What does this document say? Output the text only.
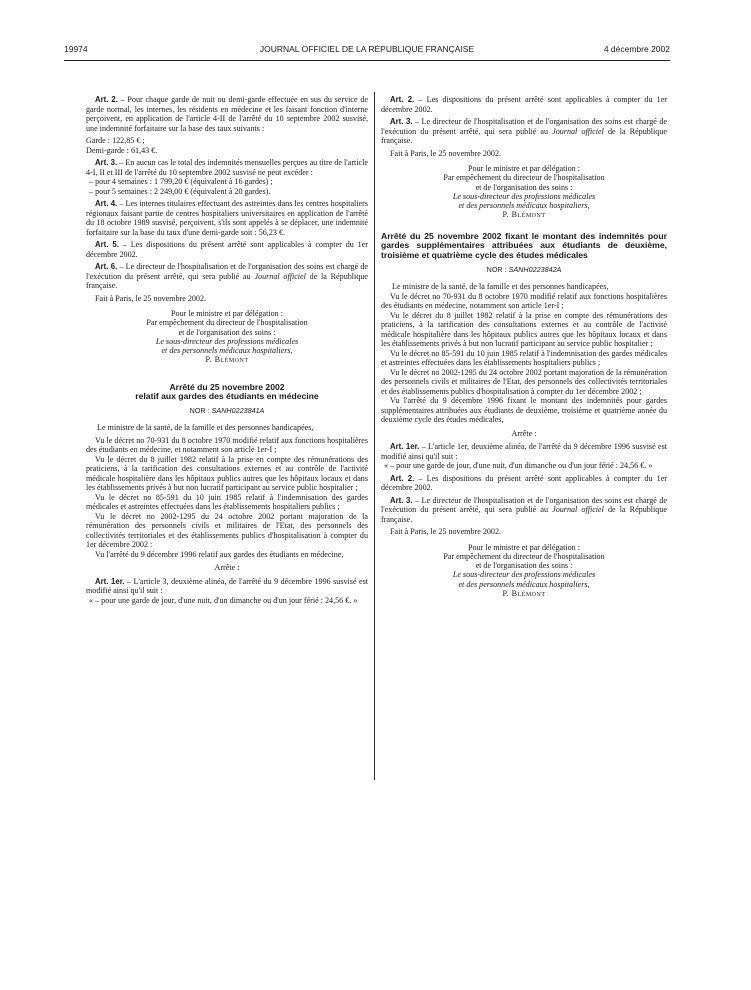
19974	JOURNAL OFFICIEL DE LA RÉPUBLIQUE FRANÇAISE	4 décembre 2002

Art. 2. – Pour chaque garde de nuit ou demi-garde effectuée en sus du service de garde normal, les internes, les résidents en médecine et les faisant fonction d'interne perçoivent, en application de l'article 4-II de l'arrêté du 10 septembre 2002 susvisé, une indemnité forfaitaire sur la base des taux suivants :

Garde : 122,85 € ;

Demi-garde : 61,43 €.

Art. 3. – En aucun cas le total des indemnités mensuelles perçues au titre de l'article 4-I, II et III de l'arrêté du 10 septembre 2002 susvisé ne peut excéder :

– pour 4 semaines : 1 799,20 € (équivalent à 16 gardes) ;
– pour 5 semaines : 2 249,00 € (équivalent à 20 gardes).

Art. 4. – Les internes titulaires effectuant des astreintes dans les centres hospitaliers régionaux faisant partie de centres hospitaliers universitaires en application de l'arrêté du 18 octobre 1989 susvisé, perçoivent, s'ils sont appelés à se déplacer, une indemnité forfaitaire sur la base du taux d'une demi-garde soit : 56,23 €.

Art. 5. – Les dispositions du présent arrêté sont applicables à compter du 1er décembre 2002.

Art. 6. – Le directeur de l'hospitalisation et de l'organisation des soins est chargé de l'exécution du présent arrêté, qui sera publié au Journal officiel de la République française.

Fait à Paris, le 25 novembre 2002.

Pour le ministre et par délégation :

Par empêchement du directeur de l'hospitalisation

et de l'organisation des soins :

Le sous-directeur des professions médicales

et des personnels médicaux hospitaliers,

P. Blémont

Arrêté du 25 novembre 2002
relatif aux gardes des étudiants en médecine

NOR : SANH0223841A

Le ministre de la santé, de la famille et des personnes handicapées,

Vu le décret no 70-931 du 8 octobre 1970 modifié relatif aux fonctions hospitalières des étudiants en médecine, et notamment son article 1er-I ;

Vu le décret du 8 juillet 1982 relatif à la prise en compte des rémunérations des praticiens, à la tarification des consultations externes et au contrôle de l'activité médicale hospitalière dans les hôpitaux publics autres que les hôpitaux locaux et dans les établissements privés à but non lucratif participant au service public hospitalier ;

Vu le décret no 85-591 du 10 juin 1985 relatif à l'indemnisation des gardes médicales et astreintes effectuées dans les établissements hospitaliers publics ;

Vu le décret no 2002-1295 du 24 octobre 2002 portant majoration de la rémunération des personnels civils et militaires de l'Etat, des personnels des collectivités territoriales et des établissements publics d'hospitalisation à compter du 1er décembre 2002 :

Vu l'arrêté du 9 décembre 1996 relatif aux gardes des étudiants en médecine,

Arrête :

Art. 1er. – L'article 3, deuxième alinéa, de l'arrêté du 9 décembre 1996 susvisé est modifié ainsi qu'il suit :

« – pour une garde de jour, d'une nuit, d'un dimanche ou d'un jour férié : 24,56 €. »

Art. 2. – Les dispositions du présent arrêté sont applicables à compter du 1er décembre 2002.

Art. 3. – Le directeur de l'hospitalisation et de l'organisation des soins est chargé de l'exécution du présent arrêté, qui sera publié au Journal officiel de la République française.

Fait à Paris, le 25 novembre 2002.

Pour le ministre et par délégation :

Par empêchement du directeur de l'hospitalisation

et de l'organisation des soins :

Le sous-directeur des professions médicales

et des personnels médicaux hospitaliers,

P. Blémont

Arrêté du 25 novembre 2002 fixant le montant des indemnités pour gardes supplémentaires attribuées aux étudiants de deuxième, troisième et quatrième cycle des études médicales

NOR : SANH0223842A

Le ministre de la santé, de la famille et des personnes handicapées,

Vu le décret no 70-931 du 8 octobre 1970 modifié relatif aux fonctions hospitalières des étudiants en médecine, notamment son article 1er-I ;

Vu le décret du 8 juillet 1982 relatif à la prise en compte des rémunérations des praticiens, à la tarification des consultations externes et au contrôle de l'activité médicale hospitalière dans les hôpitaux publics autres que les hôpitaux locaux et dans les établissements privés à but non lucratif participant au service public hospitalier ;

Vu le décret no 85-591 du 10 juin 1985 relatif à l'indemnisation des gardes médicales et astreintes effectuées dans les établissements hospitaliers publics ;

Vu le décret no 2002-1295 du 24 octobre 2002 portant majoration de la rémunération des personnels civils et militaires de l'Etat, des personnels des collectivités territoriales et des établissements publics d'hospitalisation à compter du 1er décembre 2002 ;

Vu l'arrêté du 9 décembre 1996 fixant le montant des indemnités pour gardes supplémentaires attribuées aux étudiants de deuxième, troisième et quatrième année du deuxième cycle des études médicales,

Arrête :

Art. 1er. – L'article 1er, deuxième alinéa, de l'arrêté du 9 décembre 1996 susvisé est modifié ainsi qu'il suit :

« – pour une garde de jour, d'une nuit, d'un dimanche ou d'un jour férié : 24,56 €. »

Art. 2. – Les dispositions du présent arrêté sont applicables à compter du 1er décembre 2002.

Art. 3. – Le directeur de l'hospitalisation et de l'organisation des soins est chargé de l'exécution du présent arrêté, qui sera publié au Journal officiel de la République française.

Fait à Paris, le 25 novembre 2002.

Pour le ministre et par délégation :

Par empêchement du directeur de l'hospitalisation

et de l'organisation des soins :

Le sous-directeur des professions médicales

et des personnels médicaux hospitaliers,

P. Blémont
